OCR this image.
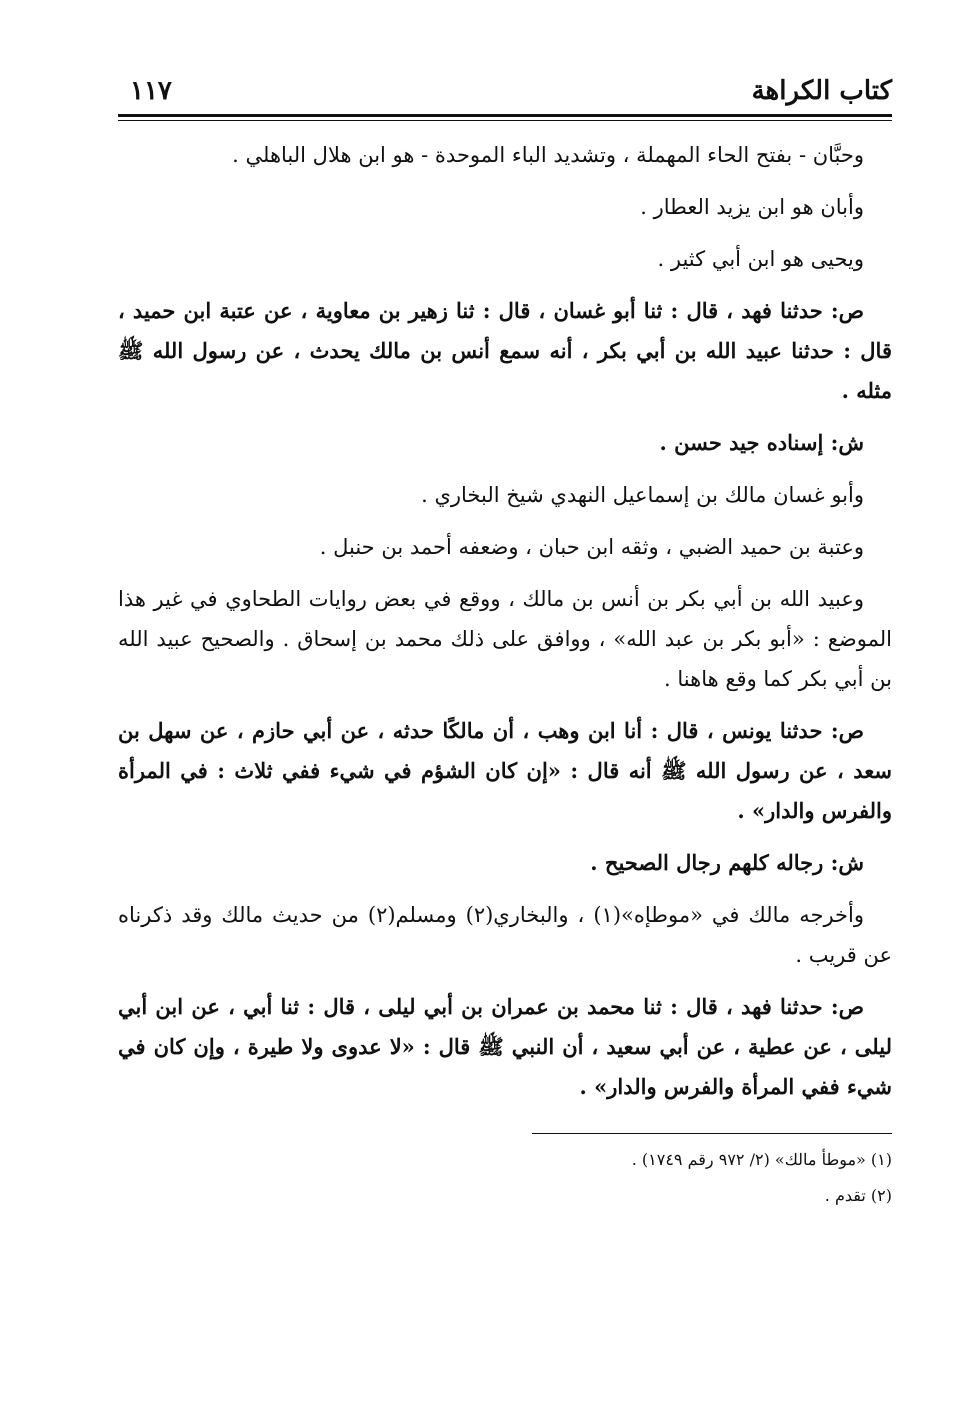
كتاب الكراهة
١١٧

وحبَّان - بفتح الحاء المهملة ، وتشديد الباء الموحدة - هو ابن هلال الباهلي .

وأبان هو ابن يزيد العطار .

ويحيى هو ابن أبي كثير .

ص: حدثنا فهد ، قال : ثنا أبو غسان ، قال : ثنا زهير بن معاوية ، عن عتبة ابن حميد ، قال : حدثنا عبيد الله بن أبي بكر ، أنه سمع أنس بن مالك يحدث ، عن رسول الله ﷺ مثله .

ش: إسناده جيد حسن .

وأبو غسان مالك بن إسماعيل النهدي شيخ البخاري .

وعتبة بن حميد الضبي ، وثقه ابن حبان ، وضعفه أحمد بن حنبل .

وعبيد الله بن أبي بكر بن أنس بن مالك ، ووقع في بعض روايات الطحاوي في غير هذا الموضع : «أبو بكر بن عبد الله» ، ووافق على ذلك محمد بن إسحاق . والصحيح عبيد الله بن أبي بكر كما وقع هاهنا .

ص: حدثنا يونس ، قال : أنا ابن وهب ، أن مالكًا حدثه ، عن أبي حازم ، عن سهل بن سعد ، عن رسول الله ﷺ أنه قال : «إن كان الشؤم في شيء ففي ثلاث : في المرأة والفرس والدار» .

ش: رجاله كلهم رجال الصحيح .

وأخرجه مالك في «موطإه»(١) ، والبخاري(٢) ومسلم(٢) من حديث مالك وقد ذكرناه عن قريب .

ص: حدثنا فهد ، قال : ثنا محمد بن عمران بن أبي ليلى ، قال : ثنا أبي ، عن ابن أبي ليلى ، عن عطية ، عن أبي سعيد ، أن النبي ﷺ قال : «لا عدوى ولا طيرة ، وإن كان في شيء ففي المرأة والفرس والدار» .

(١) «موطأ مالك» (٢/ ٩٧٢ رقم ١٧٤٩) .
(٢) تقدم .
